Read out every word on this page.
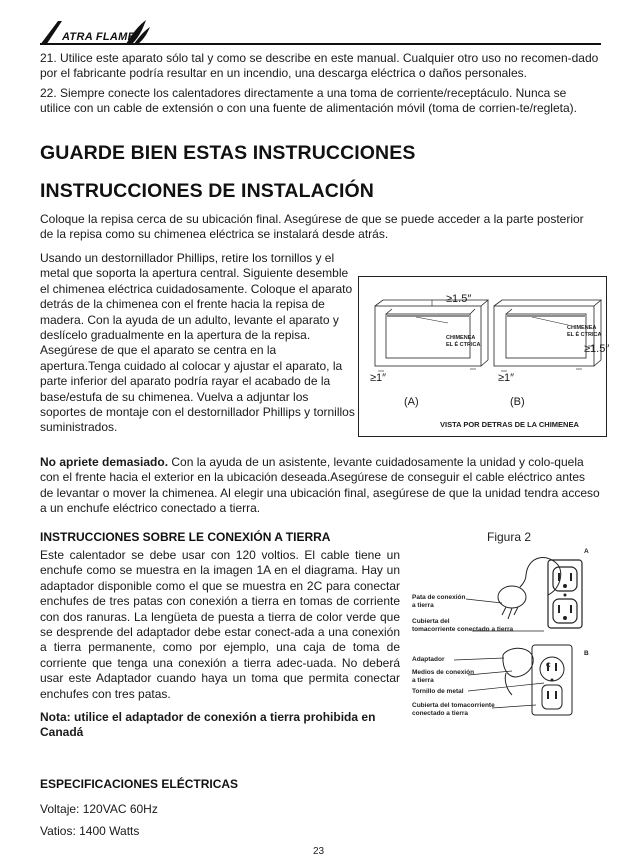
ATRA FLAME

21. Utilice este aparato sólo tal y como se describe en este manual. Cualquier otro uso no recomen-dado por el fabricante podría resultar en un incendio, una descarga eléctrica o daños personales.

22. Siempre conecte los calentadores directamente a una toma de corriente/receptáculo. Nunca se utilice con un cable de extensión o con una fuente de alimentación móvil (toma de corrien-te/regleta).

GUARDE BIEN ESTAS INSTRUCCIONES
INSTRUCCIONES DE INSTALACIÓN

Coloque la repisa cerca de su ubicación final. Asegúrese de que se puede acceder a la parte posterior de la repisa como su chimenea eléctrica se instalará desde atrás.

Usando un destornillador Phillips, retire los tornillos y el metal que soporta la apertura central. Siguiente desemble el chimenea eléctrica cuidadosamente. Coloque el aparato detrás de la chimenea con el frente hacia la repisa de madera. Con la ayuda de un adulto, levante el aparato y deslícelo gradualmente en la apertura de la repisa. Asegúrese de que el aparato se centra en la apertura.Tenga cuidado al colocar y ajustar el aparato, la parte inferior del aparato podría rayar el acabado de la base/estufa de su chimenea. Vuelva a adjuntar los soportes de montaje con el destornillador Phillips y tornillos suministrados.

No apriete demasiado. Con la ayuda de un asistente, levante cuidadosamente la unidad y colo-quela con el frente hacia el exterior en la ubicación deseada.Asegúrese de conseguir el cable eléctrico antes de levantar o mover la chimenea. Al elegir una ubicación final, asegúrese de que la unidad tendra acceso a un enchufe eléctrico conectado a tierra.

≥1.5″
≥1.5″
≥1″	≥1″
CHIMENEA
EL É CTRICA
CHIMENEA
EL É CTRICA
(A)	(B)
VISTA POR DETRAS DE LA CHIMENEA
INSTRUCCIONES SOBRE LE CONEXIÓN A TIERRA

Este calentador se debe usar con 120 voltios. El cable tiene un enchufe como se muestra en la imagen 1A en el diagrama. Hay un adaptador disponible como el que se muestra en 2C para conectar enchufes de tres patas con conexión a tierra en tomas de corriente con dos ranuras. La lengüeta de puesta a tierra de color verde que se desprende del adaptador debe estar conect-ada a una conexión a tierra permanente, como por ejemplo, una caja de toma de corriente que tenga una conexión a tierra adec-uada. No deberá usar este Adaptador cuando haya un toma que permita conectar enchufes con tres patas.

Nota: utilice el adaptador de conexión a tierra prohibida en Canadá

Figura 2
A
B
C
Pata de conexión
a tierra
Cubierta del
tomacorriente conectado a tierra
Adaptador
Medios de conexión
a tierra
Tornillo de metal
Cubierta del tomacorriente
conectado a tierra
ESPECIFICACIONES ELÉCTRICAS
Voltaje: 120VAC 60Hz
Vatios: 1400 Watts
23
